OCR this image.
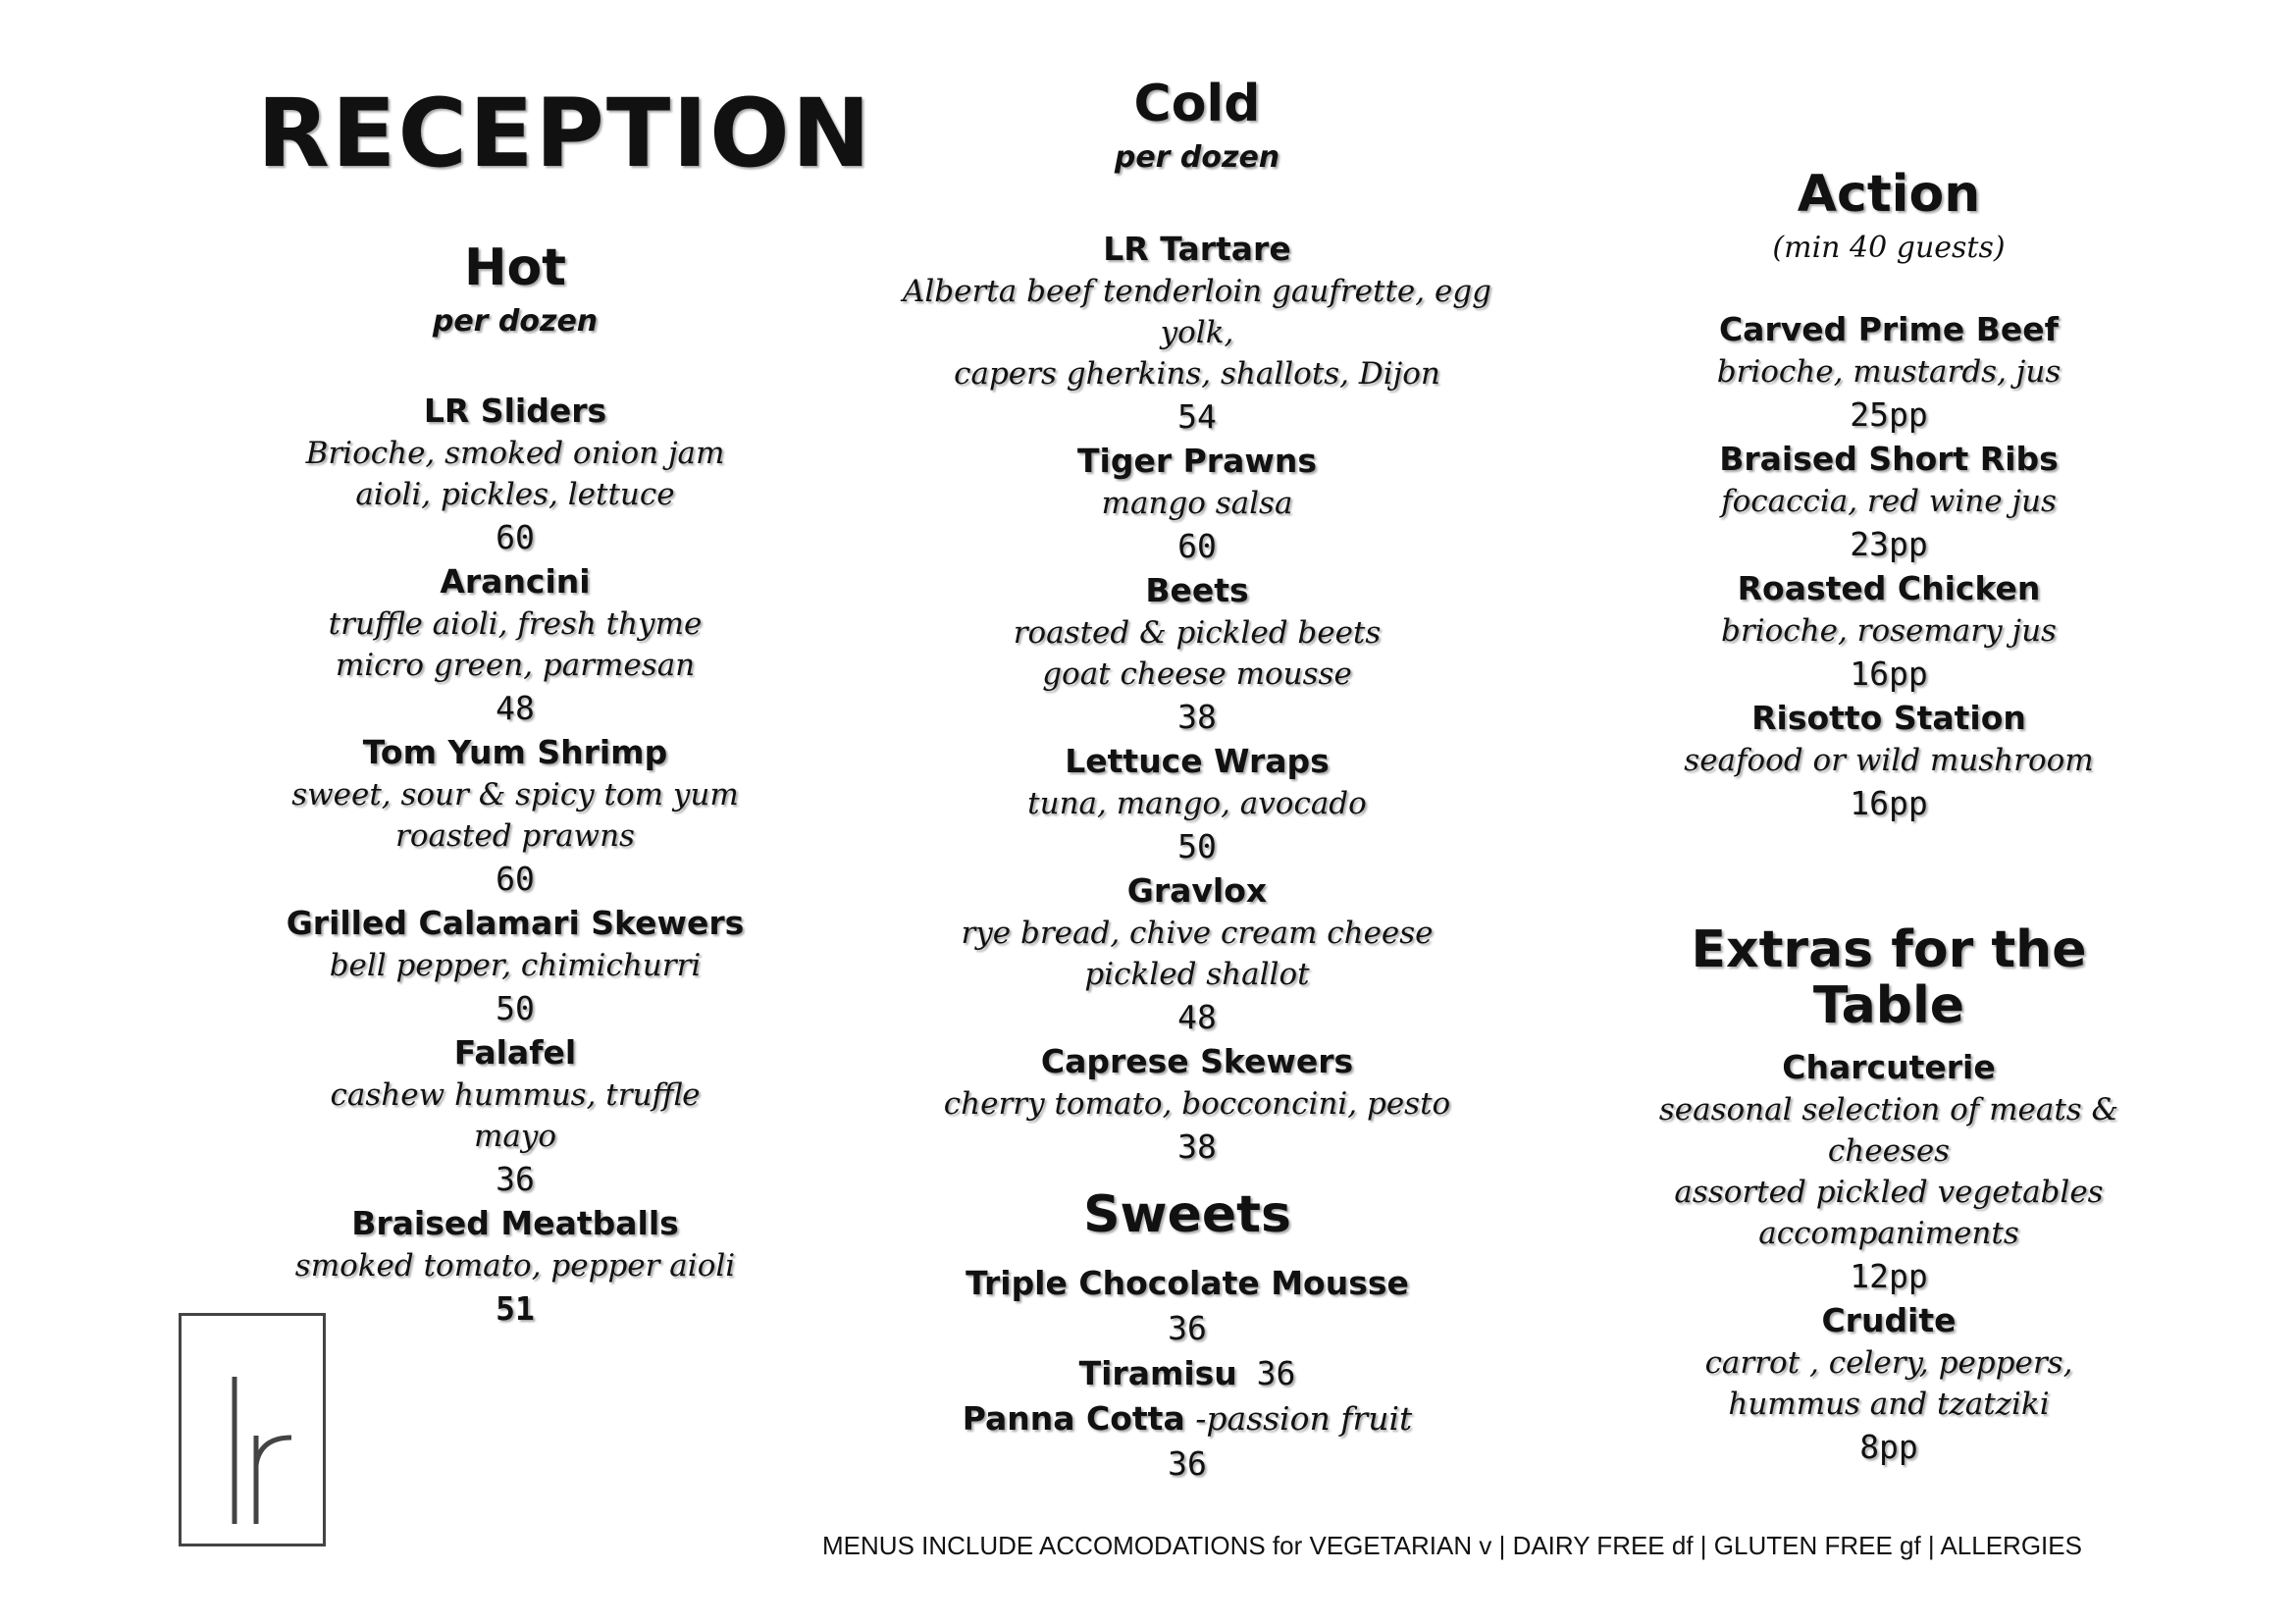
RECEPTION
Hot
per dozen
LR Sliders
Brioche, smoked onion jam
aioli, pickles, lettuce
60
Arancini
truffle aioli, fresh thyme
micro green, parmesan
48
Tom Yum Shrimp
sweet, sour & spicy tom yum
roasted prawns
60
Grilled Calamari Skewers
bell pepper, chimichurri
50
Falafel
cashew hummus, truffle mayo
36
Braised Meatballs
smoked tomato, pepper aioli
51
Cold
per dozen
LR Tartare
Alberta beef tenderloin gaufrette, egg yolk,
capers gherkins, shallots, Dijon
54
Tiger Prawns
mango salsa
60
Beets
roasted & pickled beets
goat cheese mousse
38
Lettuce Wraps
tuna, mango, avocado
50
Gravlox
rye bread, chive cream cheese
pickled shallot
48
Caprese Skewers
cherry tomato, bocconcini, pesto
38
Sweets
Triple Chocolate Mousse 36
Tiramisu 36
Panna Cotta -passion fruit 36
Action
(min 40 guests)
Carved Prime Beef
brioche, mustards, jus
25pp
Braised Short Ribs
focaccia, red wine jus
23pp
Roasted Chicken
brioche, rosemary jus
16pp
Risotto Station
seafood or wild mushroom
16pp
Extras for the Table
Charcuterie
seasonal selection of meats & cheeses
assorted pickled vegetables
accompaniments
12pp
Crudite
carrot , celery, peppers,
hummus and tzatziki
8pp
MENUS INCLUDE ACCOMODATIONS for VEGETARIAN v | DAIRY FREE df | GLUTEN FREE gf | ALLERGIES
